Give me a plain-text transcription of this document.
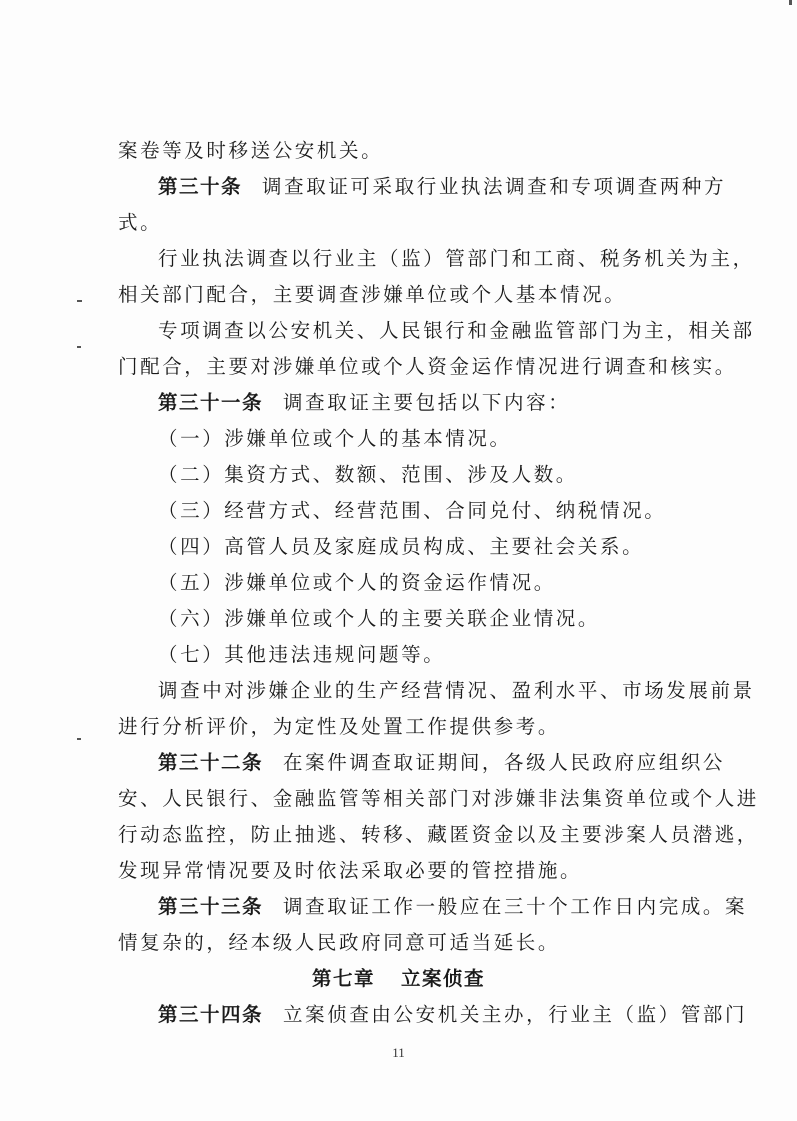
案卷等及时移送公安机关。
第三十条 调查取证可采取行业执法调查和专项调查两种方
式。
行业执法调查以行业主（监）管部门和工商、税务机关为主，
相关部门配合，主要调查涉嫌单位或个人基本情况。
专项调查以公安机关、人民银行和金融监管部门为主，相关部
门配合，主要对涉嫌单位或个人资金运作情况进行调查和核实。
第三十一条 调查取证主要包括以下内容：
（一）涉嫌单位或个人的基本情况。
（二）集资方式、数额、范围、涉及人数。
（三）经营方式、经营范围、合同兑付、纳税情况。
（四）高管人员及家庭成员构成、主要社会关系。
（五）涉嫌单位或个人的资金运作情况。
（六）涉嫌单位或个人的主要关联企业情况。
（七）其他违法违规问题等。
调查中对涉嫌企业的生产经营情况、盈利水平、市场发展前景
进行分析评价，为定性及处置工作提供参考。
第三十二条 在案件调查取证期间，各级人民政府应组织公
安、人民银行、金融监管等相关部门对涉嫌非法集资单位或个人进
行动态监控，防止抽逃、转移、藏匿资金以及主要涉案人员潜逃，
发现异常情况要及时依法采取必要的管控措施。
第三十三条 调查取证工作一般应在三十个工作日内完成。案
情复杂的，经本级人民政府同意可适当延长。
第七章 立案侦查
第三十四条 立案侦查由公安机关主办，行业主（监）管部门
11
